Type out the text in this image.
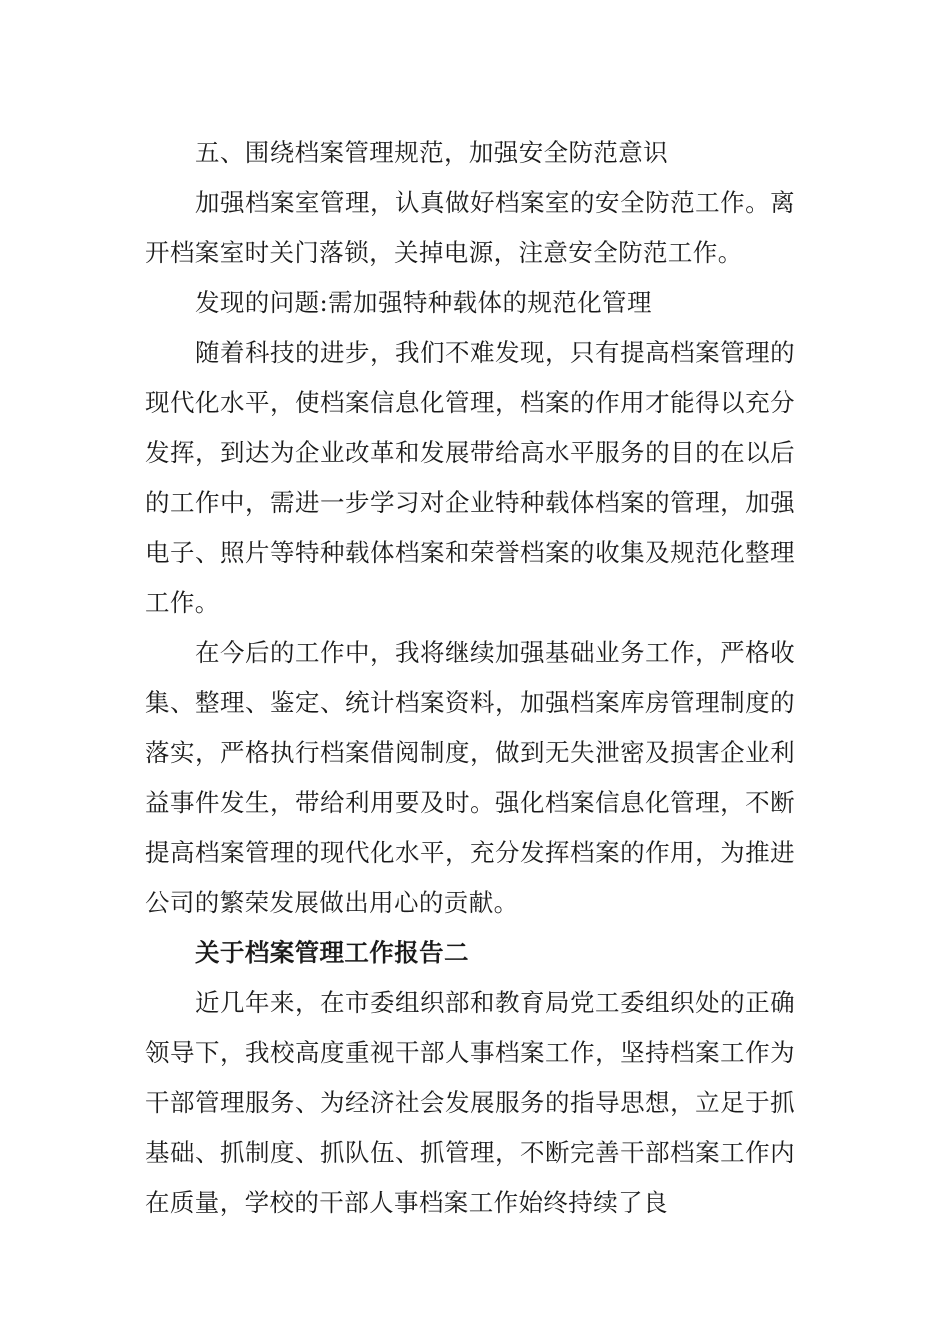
五、围绕档案管理规范，加强安全防范意识

加强档案室管理，认真做好档案室的安全防范工作。离开档案室时关门落锁，关掉电源，注意安全防范工作。

发现的问题:需加强特种载体的规范化管理

随着科技的进步，我们不难发现，只有提高档案管理的现代化水平，使档案信息化管理，档案的作用才能得以充分发挥，到达为企业改革和发展带给高水平服务的目的在以后的工作中，需进一步学习对企业特种载体档案的管理，加强电子、照片等特种载体档案和荣誉档案的收集及规范化整理工作。

在今后的工作中，我将继续加强基础业务工作，严格收集、整理、鉴定、统计档案资料，加强档案库房管理制度的落实，严格执行档案借阅制度，做到无失泄密及损害企业利益事件发生，带给利用要及时。强化档案信息化管理，不断提高档案管理的现代化水平，充分发挥档案的作用，为推进公司的繁荣发展做出用心的贡献。

关于档案管理工作报告二

近几年来，在市委组织部和教育局党工委组织处的正确领导下，我校高度重视干部人事档案工作，坚持档案工作为干部管理服务、为经济社会发展服务的指导思想，立足于抓基础、抓制度、抓队伍、抓管理，不断完善干部档案工作内在质量，学校的干部人事档案工作始终持续了良
